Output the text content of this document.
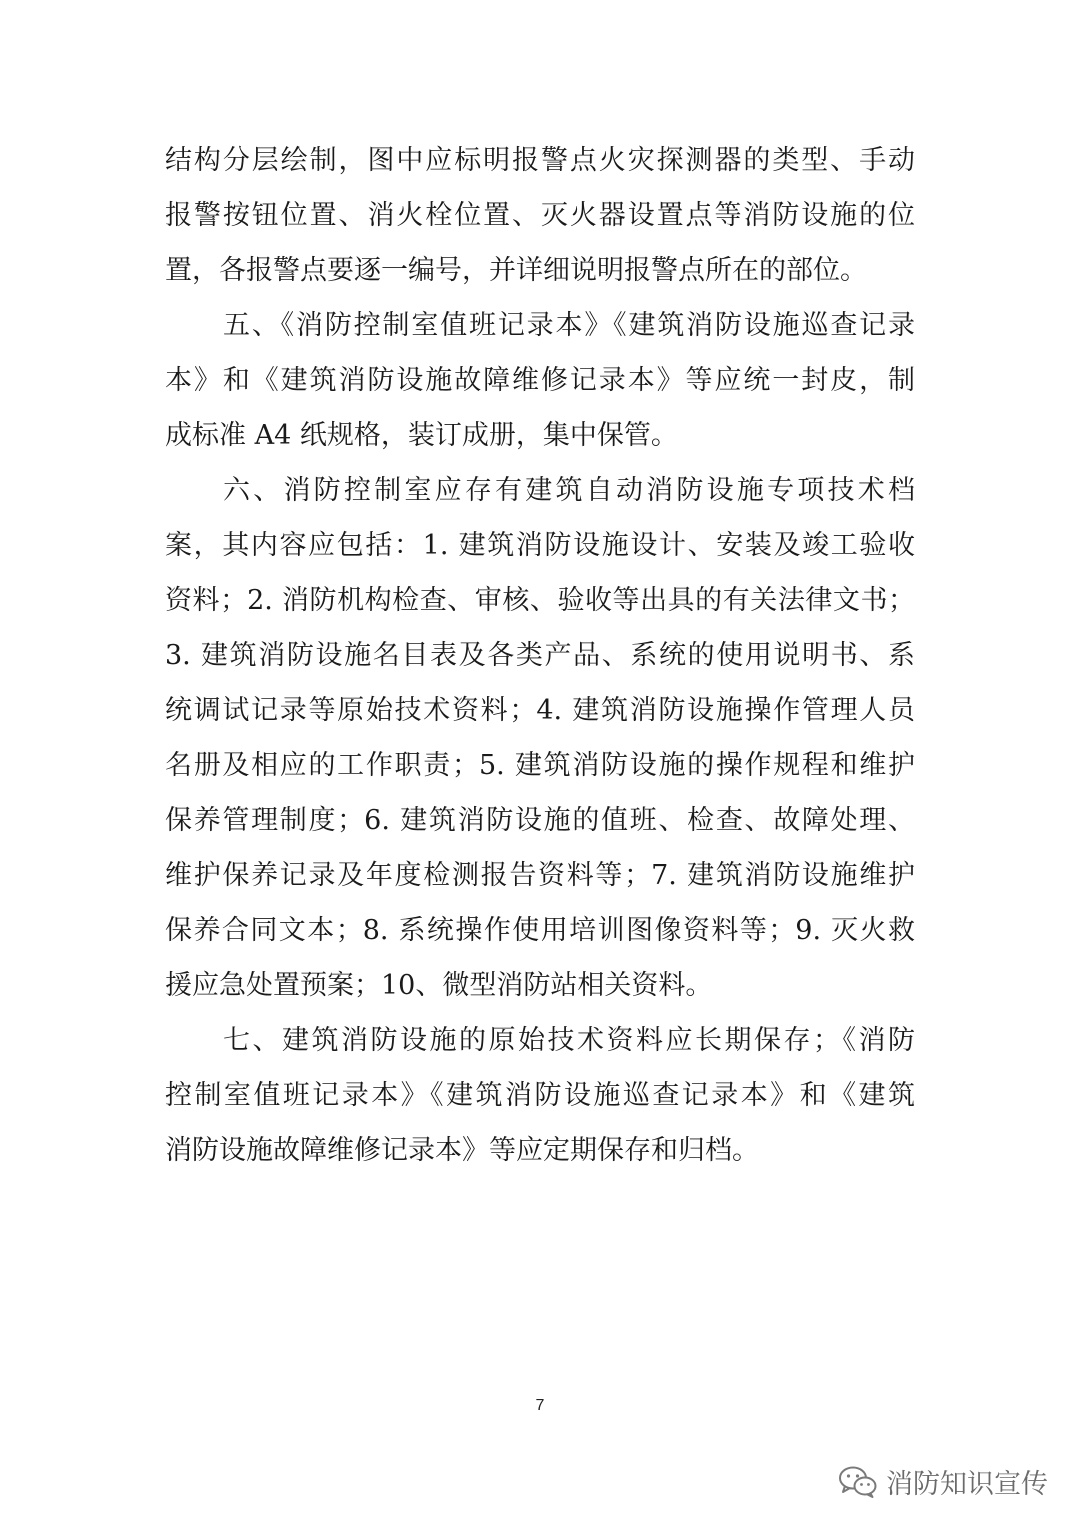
结构分层绘制，图中应标明报警点火灾探测器的类型、手动
报警按钮位置、消火栓位置、灭火器设置点等消防设施的位
置，各报警点要逐一编号，并详细说明报警点所在的部位。
五、《消防控制室值班记录本》《建筑消防设施巡查记录
本》和《建筑消防设施故障维修记录本》等应统一封皮，制
成标准 A4 纸规格，装订成册，集中保管。
六、消防控制室应存有建筑自动消防设施专项技术档
案，其内容应包括：1. 建筑消防设施设计、安装及竣工验收
资料；2. 消防机构检查、审核、验收等出具的有关法律文书；
3. 建筑消防设施名目表及各类产品、系统的使用说明书、系
统调试记录等原始技术资料；4. 建筑消防设施操作管理人员
名册及相应的工作职责；5. 建筑消防设施的操作规程和维护
保养管理制度；6. 建筑消防设施的值班、检查、故障处理、
维护保养记录及年度检测报告资料等；7. 建筑消防设施维护
保养合同文本；8. 系统操作使用培训图像资料等；9. 灭火救
援应急处置预案；10、微型消防站相关资料。
七、建筑消防设施的原始技术资料应长期保存；《消防
控制室值班记录本》《建筑消防设施巡查记录本》和《建筑
消防设施故障维修记录本》等应定期保存和归档。
7
消防知识宣传
